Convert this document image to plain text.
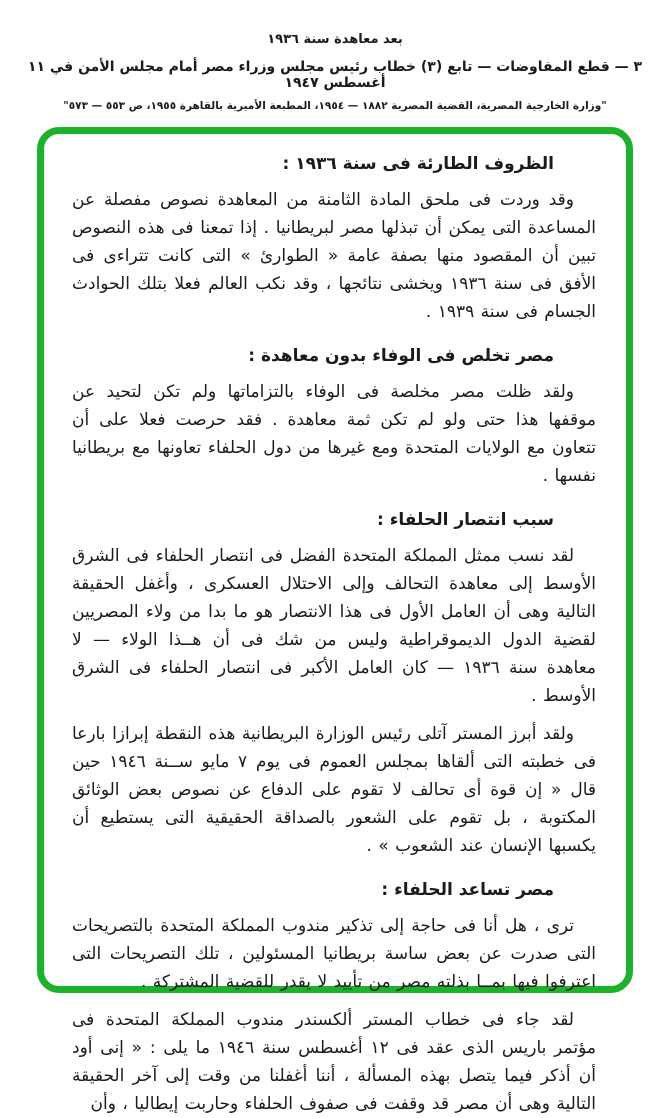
بعد معاهدة سنة ١٩٣٦
٣ — قطع المفاوضات — تابع (٣) خطاب رئيس مجلس وزراء مصر أمام مجلس الأمن في ١١ أغسطس ١٩٤٧
"وزارة الخارجية المصرية، القضية المصرية ١٨٨٢ — ١٩٥٤، المطبعة الأميرية بالقاهرة ١٩٥٥، ص ٥٥٣ — ٥٧٣"
الظروف الطارئة فى سنة ١٩٣٦ :

وقد وردت فى ملحق المادة الثامنة من المعاهدة نصوص مفصلة عن المساعدة التى يمكن أن تبذلها مصر لبريطانيا . إذا تمعنا فى هذه النصوص تبين أن المقصود منها بصفة عامة « الطوارئ » التى كانت تتراءى فى الأفق فى سنة ١٩٣٦ ويخشى نتائجها ، وقد نكب العالم فعلا بتلك الحوادث الجسام فى سنة ١٩٣٩ .

مصر تخلص فى الوفاء بدون معاهدة :

ولقد ظلت مصر مخلصة فى الوفاء بالتزاماتها ولم تكن لتحيد عن موقفها هذا حتى ولو لم تكن ثمة معاهدة . فقد حرصت فعلا على أن تتعاون مع الولايات المتحدة ومع غيرها من دول الحلفاء تعاونها مع بريطانيا نفسها .

سبب انتصار الحلفاء :

لقد نسب ممثل المملكة المتحدة الفضل فى انتصار الحلفاء فى الشرق الأوسط إلى معاهدة التحالف وإلى الاحتلال العسكرى ، وأغفل الحقيقة التالية وهى أن العامل الأول فى هذا الانتصار هو ما بدا من ولاء المصريين لقضية الدول الديموقراطية وليس من شك فى أن هــذا الولاء — لا معاهدة سنة ١٩٣٦ — كان العامل الأكبر فى انتصار الحلفاء فى الشرق الأوسط .

ولقد أبرز المستر آتلى رئيس الوزارة البريطانية هذه النقطة إبرازا بارعا فى خطبته التى ألقاها بمجلس العموم فى يوم ٧ مايو ســنة ١٩٤٦ حين قال « إن قوة أى تحالف لا تقوم على الدفاع عن نصوص بعض الوثائق المكتوبة ، بل تقوم على الشعور بالصداقة الحقيقية التى يستطيع أن يكسبها الإنسان عند الشعوب » .

مصر تساعد الحلفاء :

ترى ، هل أنا فى حاجة إلى تذكير مندوب المملكة المتحدة بالتصريحات التى صدرت عن بعض ساسة بريطانيا المسئولين ، تلك التصريحات التى اعترفوا فيها بمــا بذلته مصر من تأييد لا يقدر للقضية المشتركة .

لقد جاء فى خطاب المستر ألكسندر مندوب المملكة المتحدة فى مؤتمر باريس الذى عقد فى ١٢ أغسطس سنة ١٩٤٦ ما يلى : « إنى أود أن أذكر فيما يتصل بهذه المسألة ، أننا أغفلنا من وقت إلى آخر الحقيقة التالية وهى أن مصر قد وقفت فى صفوف الحلفاء وحاربت إيطاليا ، وأن
